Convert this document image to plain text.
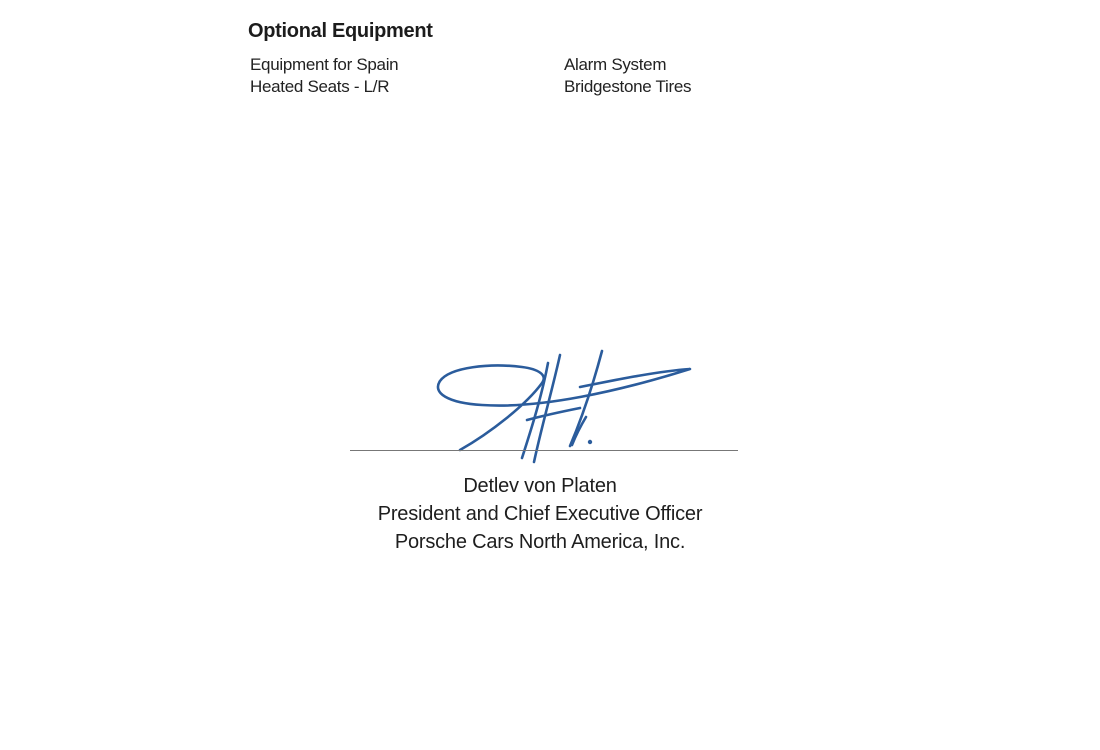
Optional Equipment
Equipment for Spain
Heated Seats - L/R
Alarm System
Bridgestone Tires
Detlev von Platen
President and Chief Executive Officer
Porsche Cars North America, Inc.
